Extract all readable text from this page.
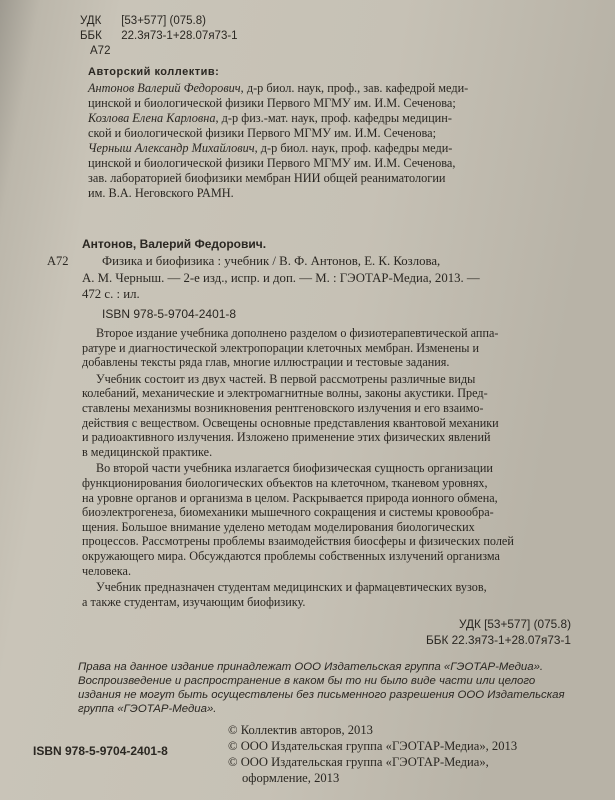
УДК [53+577] (075.8)
ББК 22.3я73-1+28.07я73-1
А72
Авторский коллектив:
Антонов Валерий Федорович, д-р биол. наук, проф., зав. кафедрой меди-
цинской и биологической физики Первого МГМУ им. И.М. Сеченова;
Козлова Елена Карловна, д-р физ.-мат. наук, проф. кафедры медицин-
ской и биологической физики Первого МГМУ им. И.М. Сеченова;
Черныш Александр Михайлович, д-р биол. наук, проф. кафедры меди-
цинской и биологической физики Первого МГМУ им. И.М. Сеченова,
зав. лабораторией биофизики мембран НИИ общей реаниматологии
им. В.А. Неговского РАМН.
А72
Антонов, Валерий Федорович.
Физика и биофизика : учебник / В. Ф. Антонов, Е. К. Козлова,
А. М. Черныш. — 2-е изд., испр. и доп. — М. : ГЭОТАР-Медиа, 2013. —
472 с. : ил.
ISBN 978-5-9704-2401-8
Второе издание учебника дополнено разделом о физиотерапевтической аппа-
ратуре и диагностической электропорации клеточных мембран. Изменены и
добавлены тексты ряда глав, многие иллюстрации и тестовые задания.
Учебник состоит из двух частей. В первой рассмотрены различные виды
колебаний, механические и электромагнитные волны, законы акустики. Пред-
ставлены механизмы возникновения рентгеновского излучения и его взаимо-
действия с веществом. Освещены основные представления квантовой механики
и радиоактивного излучения. Изложено применение этих физических явлений
в медицинской практике.
Во второй части учебника излагается биофизическая сущность организации
функционирования биологических объектов на клеточном, тканевом уровнях,
на уровне органов и организма в целом. Раскрывается природа ионного обмена,
биоэлектрогенеза, биомеханики мышечного сокращения и системы кровообра-
щения. Большое внимание уделено методам моделирования биологических
процессов. Рассмотрены проблемы взаимодействия биосферы и физических полей
окружающего мира. Обсуждаются проблемы собственных излучений организма
человека.
Учебник предназначен студентам медицинских и фармацевтических вузов,
а также студентам, изучающим биофизику.
УДК [53+577] (075.8)
ББК 22.3я73-1+28.07я73-1
Права на данное издание принадлежат ООО Издательская группа «ГЭОТАР-Медиа».
Воспроизведение и распространение в каком бы то ни было виде части или целого
издания не могут быть осуществлены без письменного разрешения ООО Издательская
группа «ГЭОТАР-Медиа».
ISBN 978-5-9704-2401-8
© Коллектив авторов, 2013
© ООО Издательская группа «ГЭОТАР-Медиа», 2013
© ООО Издательская группа «ГЭОТАР-Медиа»,
оформление, 2013
